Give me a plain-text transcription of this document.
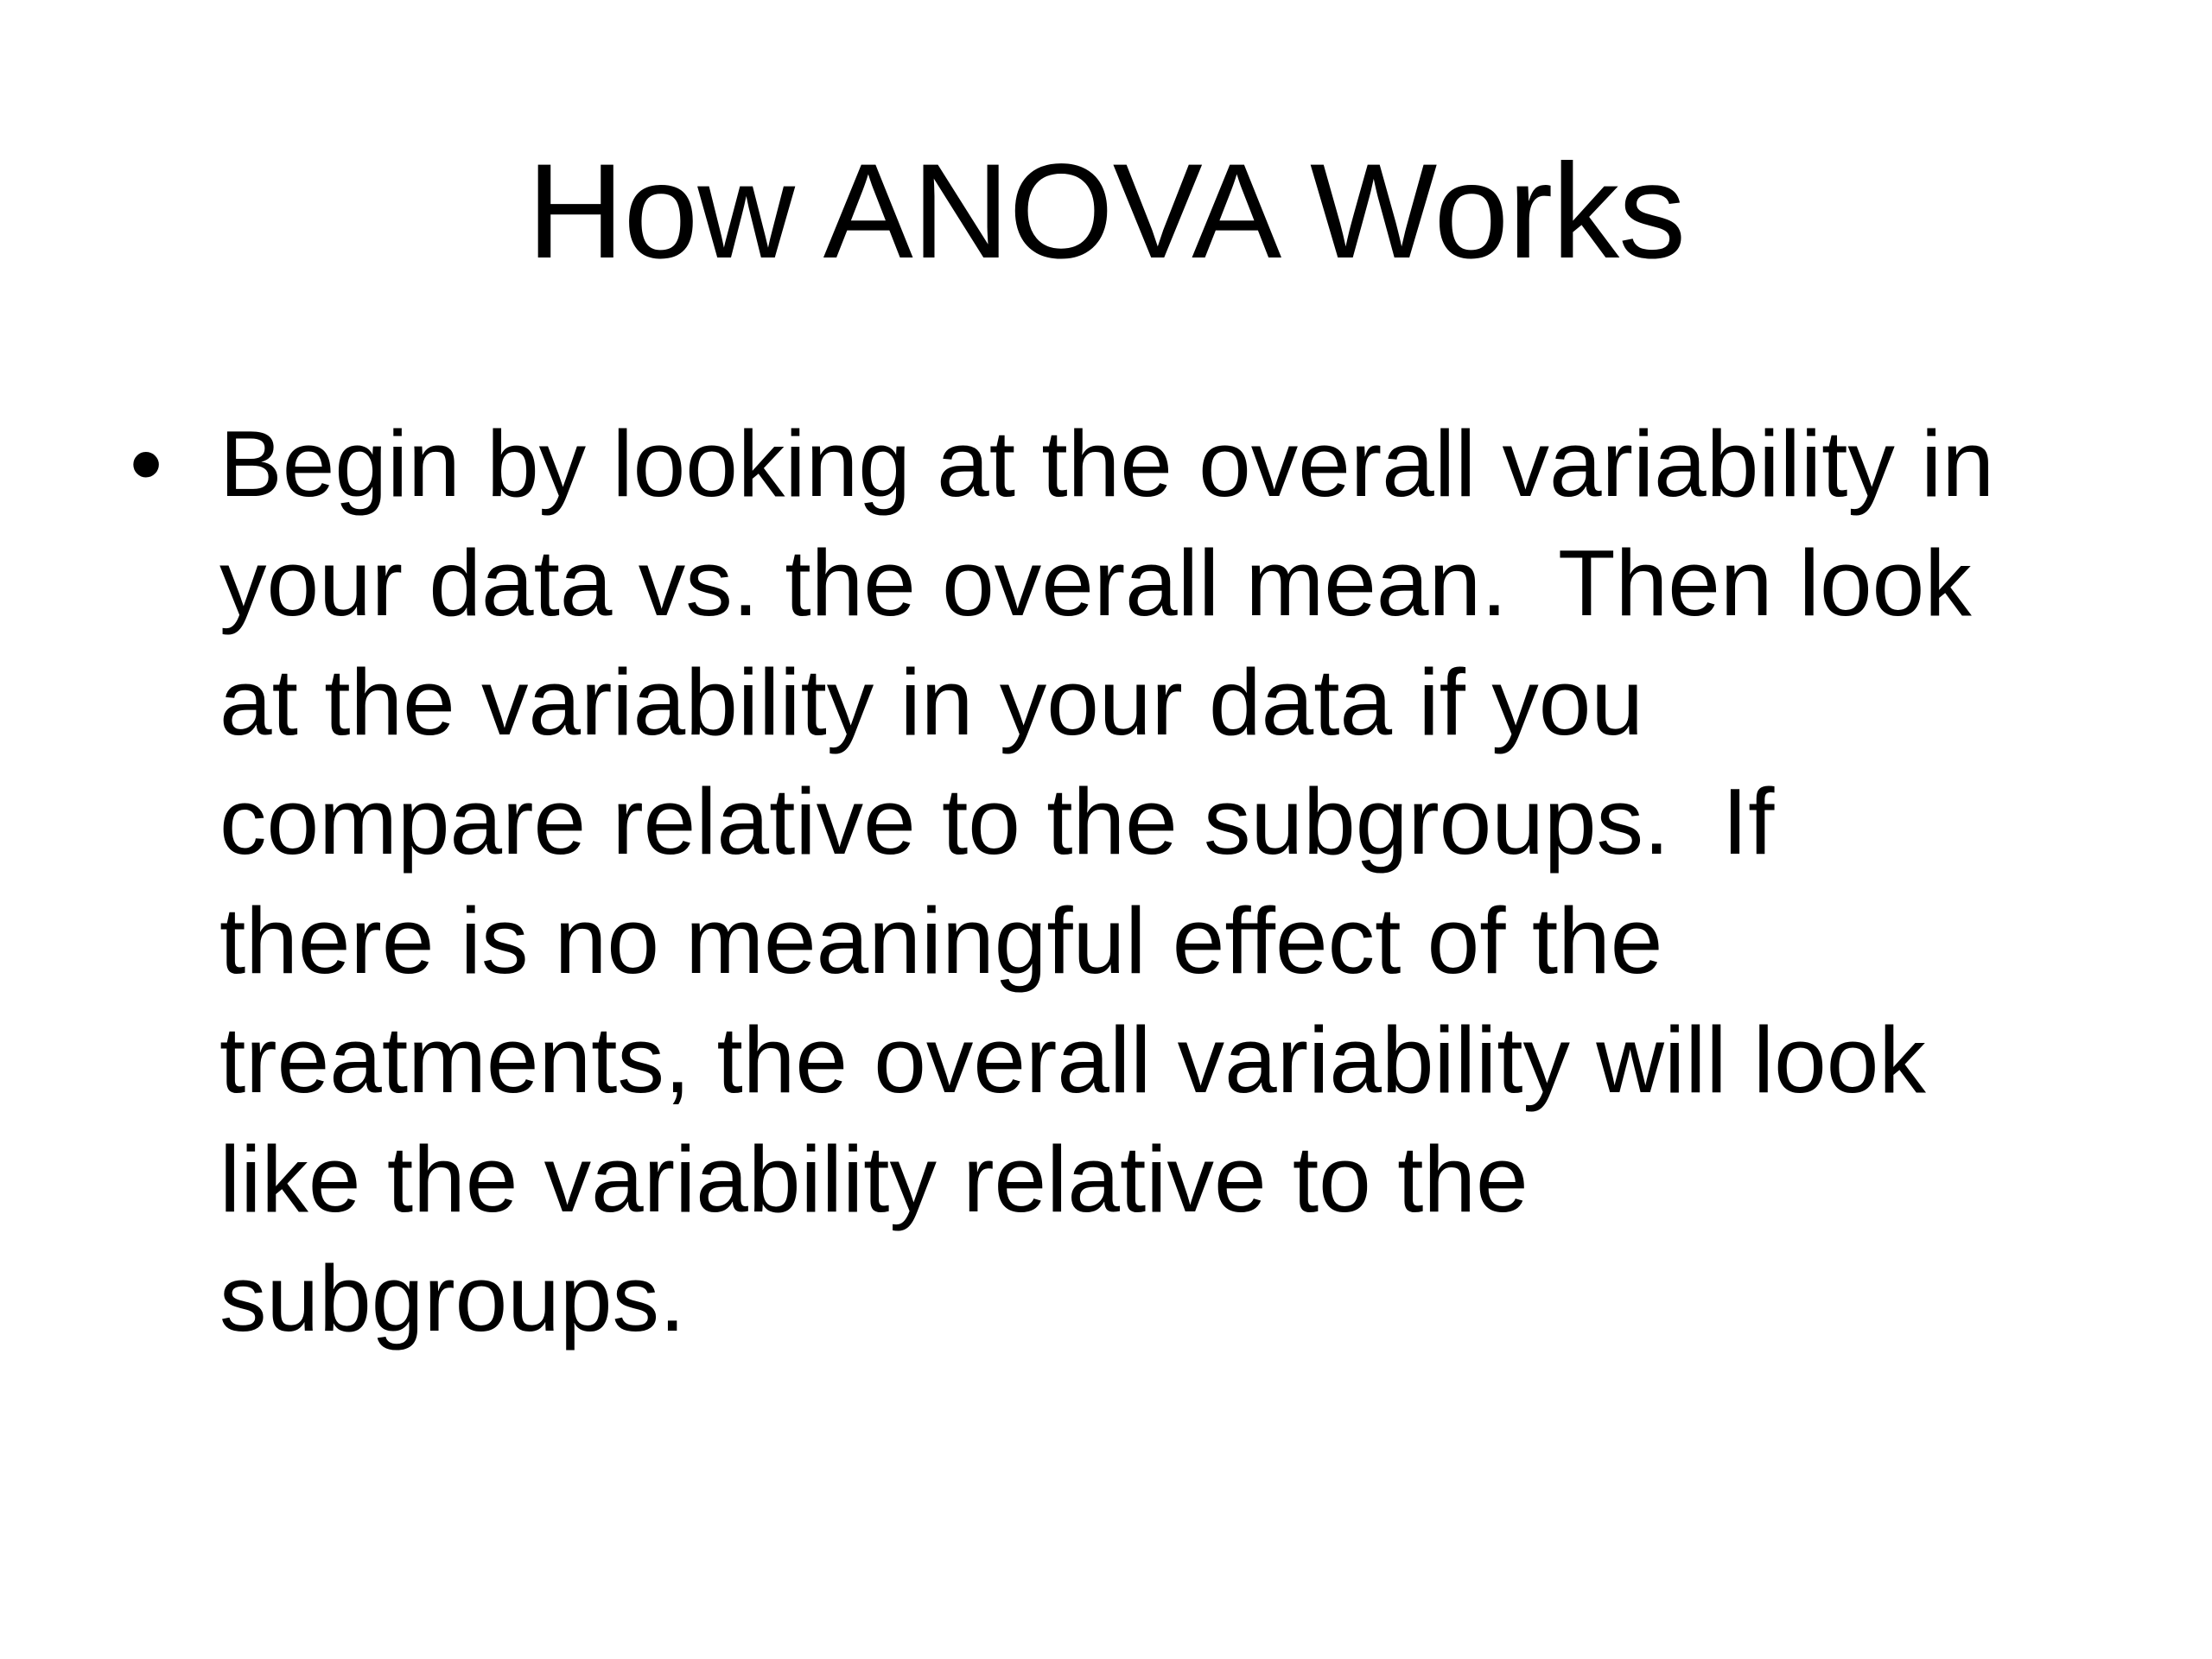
How ANOVA Works
• Begin by looking at the overall variability in
your data vs. the overall mean.  Then look
at the variability in your data if you
compare relative to the subgroups.  If
there is no meaningful effect of the
treatments, the overall variability will look
like the variability relative to the
subgroups.
